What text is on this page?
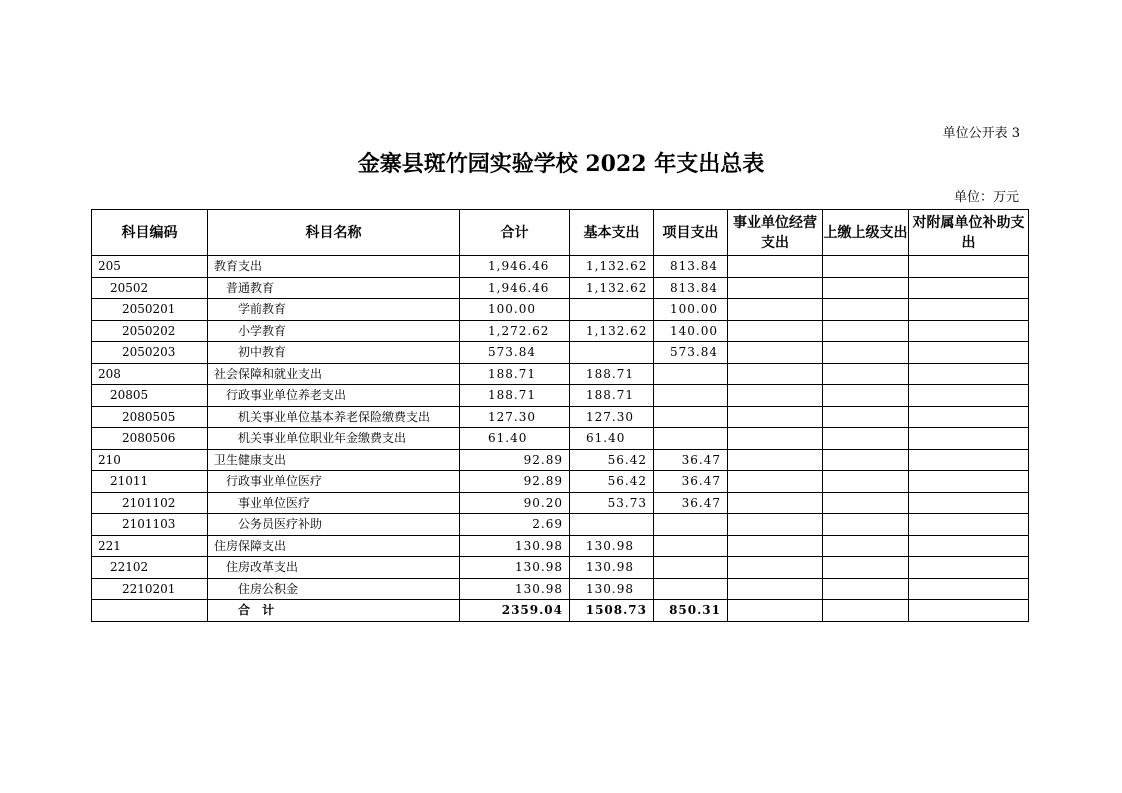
单位公开表 3
金寨县斑竹园实验学校 2022 年支出总表
单位：万元
科目编码	科目名称	合计	基本支出	项目支出	事业单位经营支出	上缴上级支出	对附属单位补助支出
205	教育支出	1,946.46	1,132.62	813.84			
20502	普通教育	1,946.46	1,132.62	813.84			
2050201	学前教育	100.00		100.00			
2050202	小学教育	1,272.62	1,132.62	140.00			
2050203	初中教育	573.84		573.84			
208	社会保障和就业支出	188.71	188.71				
20805	行政事业单位养老支出	188.71	188.71				
2080505	机关事业单位基本养老保险缴费支出	127.30	127.30				
2080506	机关事业单位职业年金缴费支出	61.40	61.40				
210	卫生健康支出	92.89	56.42	36.47			
21011	行政事业单位医疗	92.89	56.42	36.47			
2101102	事业单位医疗	90.20	53.73	36.47			
2101103	公务员医疗补助	2.69					
221	住房保障支出	130.98	130.98				
22102	住房改革支出	130.98	130.98				
2210201	住房公积金	130.98	130.98				
	合 计	2359.04	1508.73	850.31			
